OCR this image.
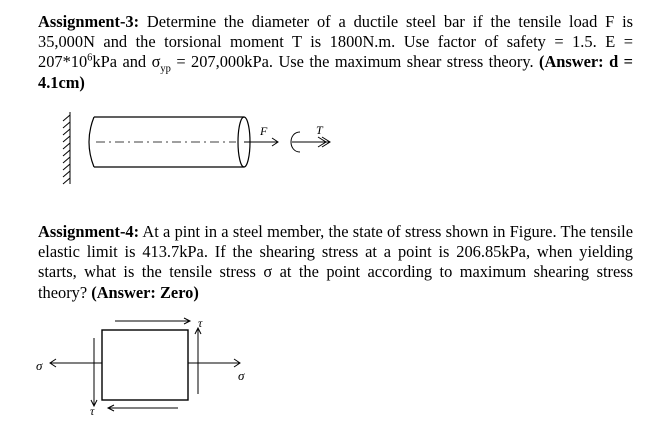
Assignment-3: Determine the diameter of a ductile steel bar if the tensile load F is 35,000N and the torsional moment T is 1800N.m. Use factor of safety = 1.5. $E = 207*10^6kPa$ and $\sigma_{yp} = 207,000kPa$. Use the maximum shear stress theory. (Answer: d = 4.1cm)
F	T
Assignment-4: At a pint in a steel member, the state of stress shown in Figure. The tensile elastic limit is 413.7kPa. If the shearing stress at a point is 206.85kPa, when yielding starts, what is the tensile stress σ at the point according to maximum shearing stress theory? (Answer: Zero)
τ
τ
σ
σ
